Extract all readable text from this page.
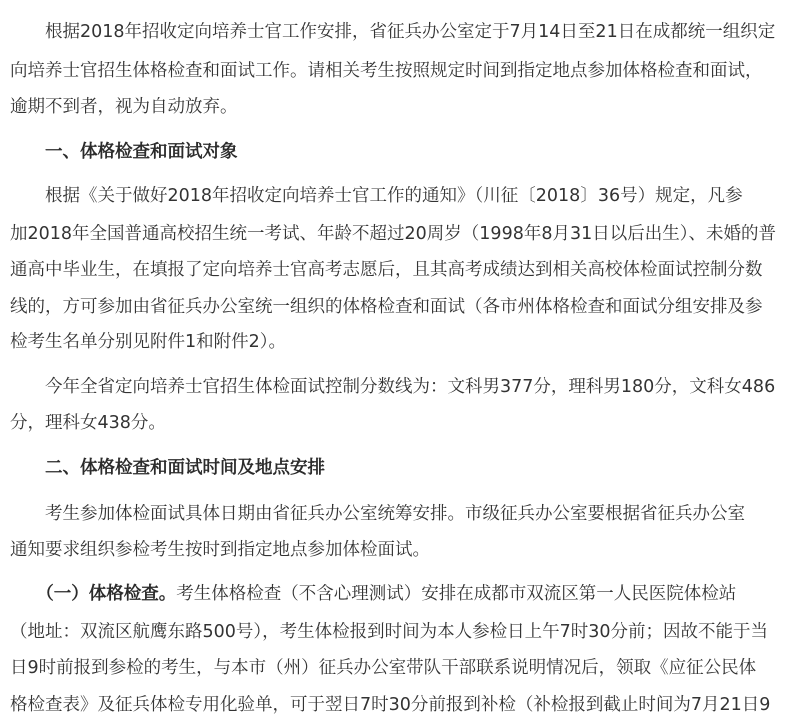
　　根据2018年招收定向培养士官工作安排，省征兵办公室定于7月14日至21日在成都统一组织定
向培养士官招生体格检查和面试工作。请相关考生按照规定时间到指定地点参加体格检查和面试，
逾期不到者，视为自动放弃。
　　一、体格检查和面试对象
　　根据《关于做好2018年招收定向培养士官工作的通知》（川征〔2018〕36号）规定，凡参
加2018年全国普通高校招生统一考试、年龄不超过20周岁（1998年8月31日以后出生）、未婚的普
通高中毕业生，在填报了定向培养士官高考志愿后，且其高考成绩达到相关高校体检面试控制分数
线的，方可参加由省征兵办公室统一组织的体格检查和面试（各市州体格检查和面试分组安排及参
检考生名单分别见附件1和附件2）。
　　今年全省定向培养士官招生体检面试控制分数线为：文科男377分，理科男180分，文科女486
分，理科女438分。
　　二、体格检查和面试时间及地点安排
　　考生参加体检面试具体日期由省征兵办公室统筹安排。市级征兵办公室要根据省征兵办公室
通知要求组织参检考生按时到指定地点参加体检面试。
　　（一）体格检查。考生体格检查（不含心理测试）安排在成都市双流区第一人民医院体检站
（地址：双流区航鹰东路500号），考生体检报到时间为本人参检日上午7时30分前；因故不能于当
日9时前报到参检的考生，与本市（州）征兵办公室带队干部联系说明情况后，领取《应征公民体
格检查表》及征兵体检专用化验单，可于翌日7时30分前报到补检（补检报到截止时间为7月21日9
